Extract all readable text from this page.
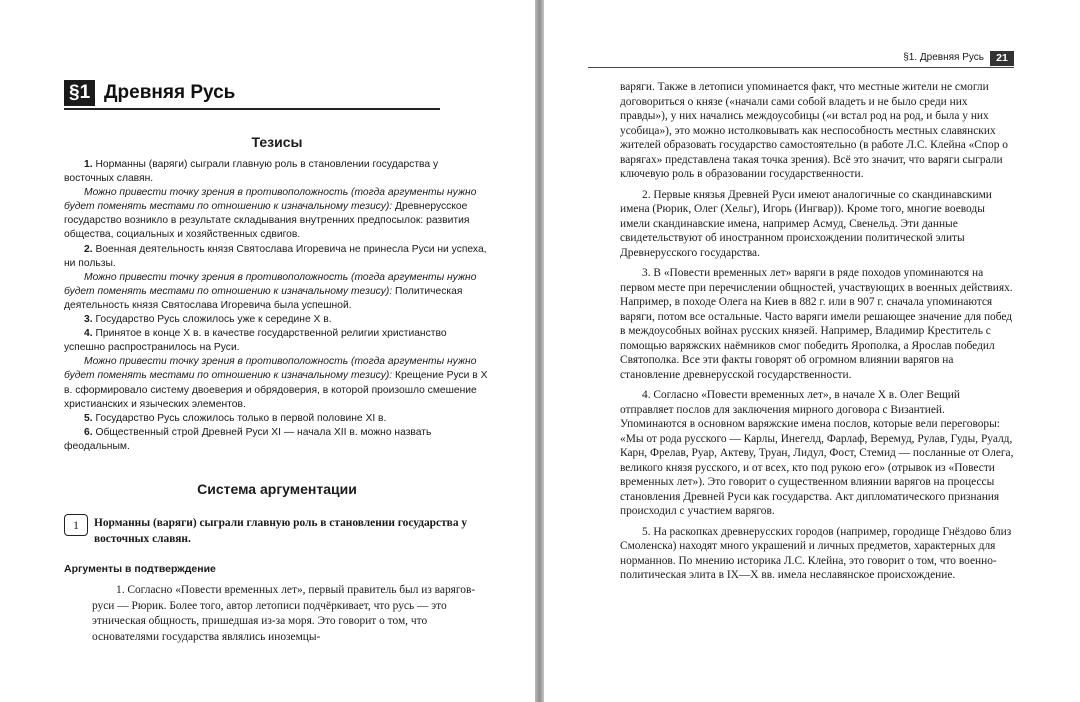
§1 Древняя Русь
Тезисы

1. Норманны (варяги) сыграли главную роль в становлении государства у восточных славян.

Можно привести точку зрения в противоположность (тогда аргументы нужно будет поменять местами по отношению к изначальному тезису): Древнерусское государство возникло в результате складывания внутренних предпосылок: развития общества, социальных и хозяйственных сдвигов.

2. Военная деятельность князя Святослава Игоревича не принесла Руси ни успеха, ни пользы.

Можно привести точку зрения в противоположность (тогда аргументы нужно будет поменять местами по отношению к изначальному тезису): Политическая деятельность князя Святослава Игоревича была успешной.

3. Государство Русь сложилось уже к середине X в.

4. Принятое в конце X в. в качестве государственной религии христианство успешно распространилось на Руси.

Можно привести точку зрения в противоположность (тогда аргументы нужно будет поменять местами по отношению к изначальному тезису): Крещение Руси в X в. сформировало систему двоеверия и обрядоверия, в которой произошло смешение христианских и языческих элементов.

5. Государство Русь сложилось только в первой половине XI в.

6. Общественный строй Древней Руси XI — начала XII в. можно назвать феодальным.

Система аргументации
1	Норманны (варяги) сыграли главную роль в становлении государства у восточных славян.
Аргументы в подтверждение

1. Согласно «Повести временных лет», первый правитель был из варягов-руси — Рюрик. Более того, автор летописи подчёркивает, что русь — это этническая общность, пришедшая из-за моря. Это говорит о том, что основателями государства являлись иноземцы-

§1. Древняя Русь	21

варяги. Также в летописи упоминается факт, что местные жители не смогли договориться о князе («начали сами собой владеть и не было среди них правды»), у них начались междоусобицы («и встал род на род, и была у них усобица»), это можно истолковывать как неспособность местных славянских жителей образовать государство самостоятельно (в работе Л.С. Клейна «Спор о варягах» представлена такая точка зрения). Всё это значит, что варяги сыграли ключевую роль в образовании государственности.

2. Первые князья Древней Руси имеют аналогичные со скандинавскими имена (Рюрик, Олег (Хельг), Игорь (Ингвар)). Кроме того, многие воеводы имели скандинавские имена, например Асмуд, Свенельд. Эти данные свидетельствуют об иностранном происхождении политической элиты Древнерусского государства.

3. В «Повести временных лет» варяги в ряде походов упоминаются на первом месте при перечислении общностей, участвующих в военных действиях. Например, в походе Олега на Киев в 882 г. или в 907 г. сначала упоминаются варяги, потом все остальные. Часто варяги имели решающее значение для побед в междоусобных войнах русских князей. Например, Владимир Креститель с помощью варяжских наёмников смог победить Ярополка, а Ярослав победил Святополка. Все эти факты говорят об огромном влиянии варягов на становление древнерусской государственности.

4. Согласно «Повести временных лет», в начале X в. Олег Вещий отправляет послов для заключения мирного договора с Византией. Упоминаются в основном варяжские имена послов, которые вели переговоры: «Мы от рода русского — Карлы, Инегелд, Фарлаф, Веремуд, Рулав, Гуды, Руалд, Карн, Фрелав, Руар, Актеву, Труан, Лидул, Фост, Стемид — посланные от Олега, великого князя русского, и от всех, кто под рукою его» (отрывок из «Повести временных лет»). Это говорит о существенном влиянии варягов на процессы становления Древней Руси как государства. Акт дипломатического признания происходил с участием варягов.

5. На раскопках древнерусских городов (например, городище Гнёздово близ Смоленска) находят много украшений и личных предметов, характерных для норманнов. По мнению историка Л.С. Клейна, это говорит о том, что военно-политическая элита в IX—X вв. имела неславянское происхождение.
